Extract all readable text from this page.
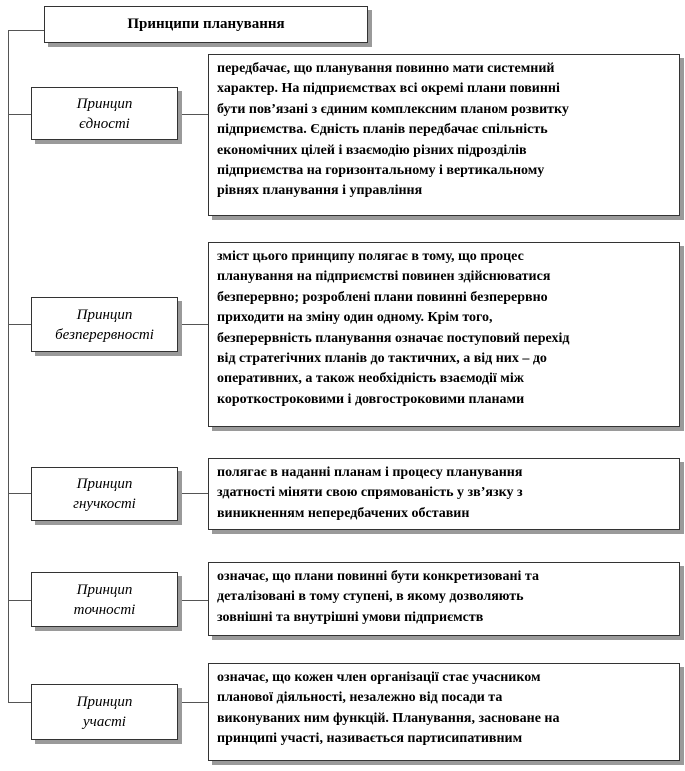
Принципи планування
Принцип
єдності
передбачає, що планування повинно мати системний
характер. На підприємствах всі окремі плани повинні
бути пов’язані з єдиним комплексним планом розвитку
підприємства. Єдність планів передбачає спільність
економічних цілей і взаємодію різних підрозділів
підприємства на горизонтальному і вертикальному
рівнях планування і управління
Принцип
безперервності
зміст цього принципу полягає в тому, що процес
планування на підприємстві повинен здійснюватися
безперервно; розроблені плани повинні безперервно
приходити на зміну один одному. Крім того,
безперервність планування означає поступовий перехід
від стратегічних планів до тактичних, а від них – до
оперативних, а також необхідність взаємодії між
короткостроковими і довгостроковими планами
Принцип
гнучкості
полягає в наданні планам і процесу планування
здатності міняти свою спрямованість у зв’язку з
виникненням непередбачених обставин
Принцип
точності
означає, що плани повинні бути конкретизовані та
деталізовані в тому ступені, в якому дозволяють
зовнішні та внутрішні умови підприємств
Принцип
участі
означає, що кожен член організації стає учасником
планової діяльності, незалежно від посади та
виконуваних ним функцій. Планування, засноване на
принципі участі, називається партисипативним
